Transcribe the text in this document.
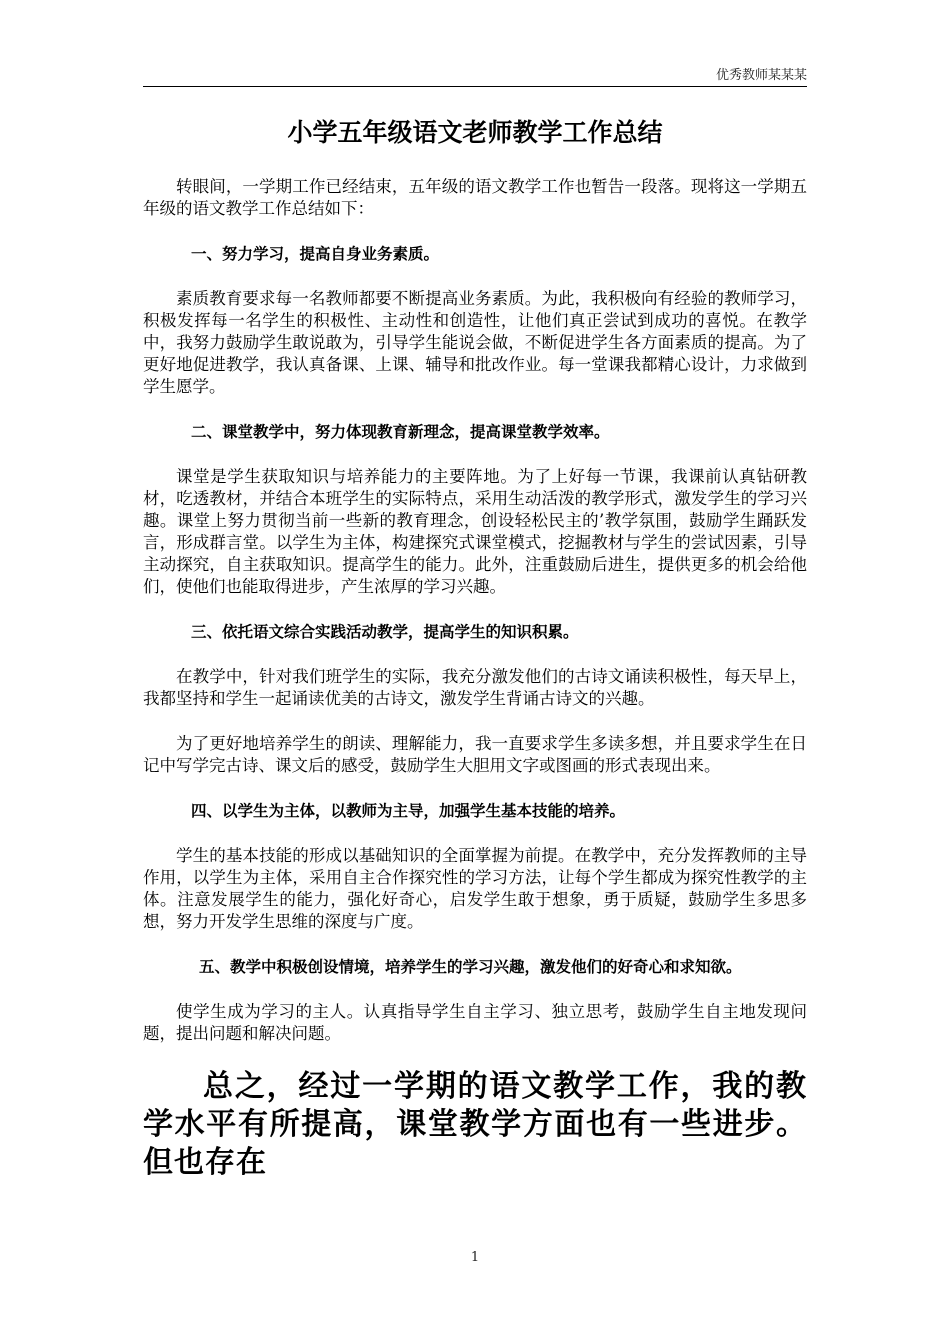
优秀教师某某某
小学五年级语文老师教学工作总结

转眼间，一学期工作已经结束，五年级的语文教学工作也暂告一段落。现将这一学期五年级的语文教学工作总结如下：

一、努力学习，提高自身业务素质。

素质教育要求每一名教师都要不断提高业务素质。为此，我积极向有经验的教师学习，积极发挥每一名学生的积极性、主动性和创造性，让他们真正尝试到成功的喜悦。在教学中，我努力鼓励学生敢说敢为，引导学生能说会做，不断促进学生各方面素质的提高。为了更好地促进教学，我认真备课、上课、辅导和批改作业。每一堂课我都精心设计，力求做到学生愿学。

二、课堂教学中，努力体现教育新理念，提高课堂教学效率。

课堂是学生获取知识与培养能力的主要阵地。为了上好每一节课，我课前认真钻研教材，吃透教材，并结合本班学生的实际特点，采用生动活泼的教学形式，激发学生的学习兴趣。课堂上努力贯彻当前一些新的教育理念，创设轻松民主的’教学氛围，鼓励学生踊跃发言，形成群言堂。以学生为主体，构建探究式课堂模式，挖掘教材与学生的尝试因素，引导主动探究，自主获取知识。提高学生的能力。此外，注重鼓励后进生，提供更多的机会给他们，使他们也能取得进步，产生浓厚的学习兴趣。

三、依托语文综合实践活动教学，提高学生的知识积累。

在教学中，针对我们班学生的实际，我充分激发他们的古诗文诵读积极性，每天早上，我都坚持和学生一起诵读优美的古诗文，激发学生背诵古诗文的兴趣。

为了更好地培养学生的朗读、理解能力，我一直要求学生多读多想，并且要求学生在日记中写学完古诗、课文后的感受，鼓励学生大胆用文字或图画的形式表现出来。

四、以学生为主体，以教师为主导，加强学生基本技能的培养。

学生的基本技能的形成以基础知识的全面掌握为前提。在教学中，充分发挥教师的主导作用，以学生为主体，采用自主合作探究性的学习方法，让每个学生都成为探究性教学的主体。注意发展学生的能力，强化好奇心，启发学生敢于想象，勇于质疑，鼓励学生多思多想，努力开发学生思维的深度与广度。

五、教学中积极创设情境，培养学生的学习兴趣，激发他们的好奇心和求知欲。

使学生成为学习的主人。认真指导学生自主学习、独立思考，鼓励学生自主地发现问题，提出问题和解决问题。

总之，经过一学期的语文教学工作，我的教学水平有所提高，课堂教学方面也有一些进步。但也存在

1
